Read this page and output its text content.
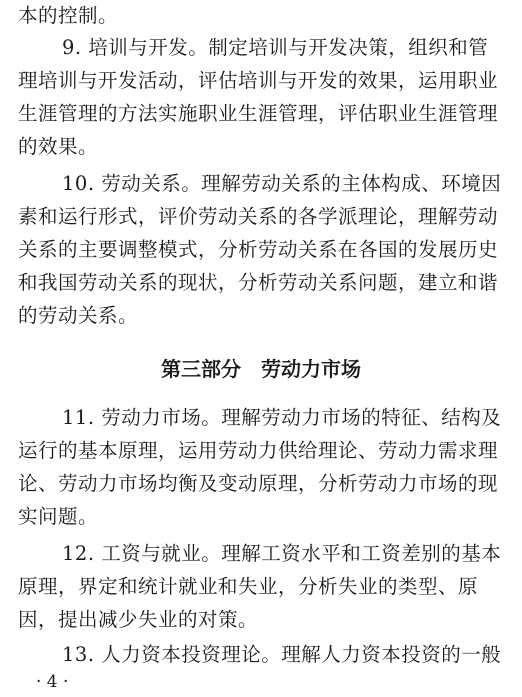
本的控制。
9. 培训与开发。制定培训与开发决策，组织和管
理培训与开发活动，评估培训与开发的效果，运用职业
生涯管理的方法实施职业生涯管理，评估职业生涯管理
的效果。
10. 劳动关系。理解劳动关系的主体构成、环境因
素和运行形式，评价劳动关系的各学派理论，理解劳动
关系的主要调整模式，分析劳动关系在各国的发展历史
和我国劳动关系的现状，分析劳动关系问题，建立和谐
的劳动关系。
第三部分　劳动力市场
11. 劳动力市场。理解劳动力市场的特征、结构及
运行的基本原理，运用劳动力供给理论、劳动力需求理
论、劳动力市场均衡及变动原理，分析劳动力市场的现
实问题。
12. 工资与就业。理解工资水平和工资差别的基本
原理，界定和统计就业和失业，分析失业的类型、原
因，提出减少失业的对策。
13. 人力资本投资理论。理解人力资本投资的一般
· 4 ·
